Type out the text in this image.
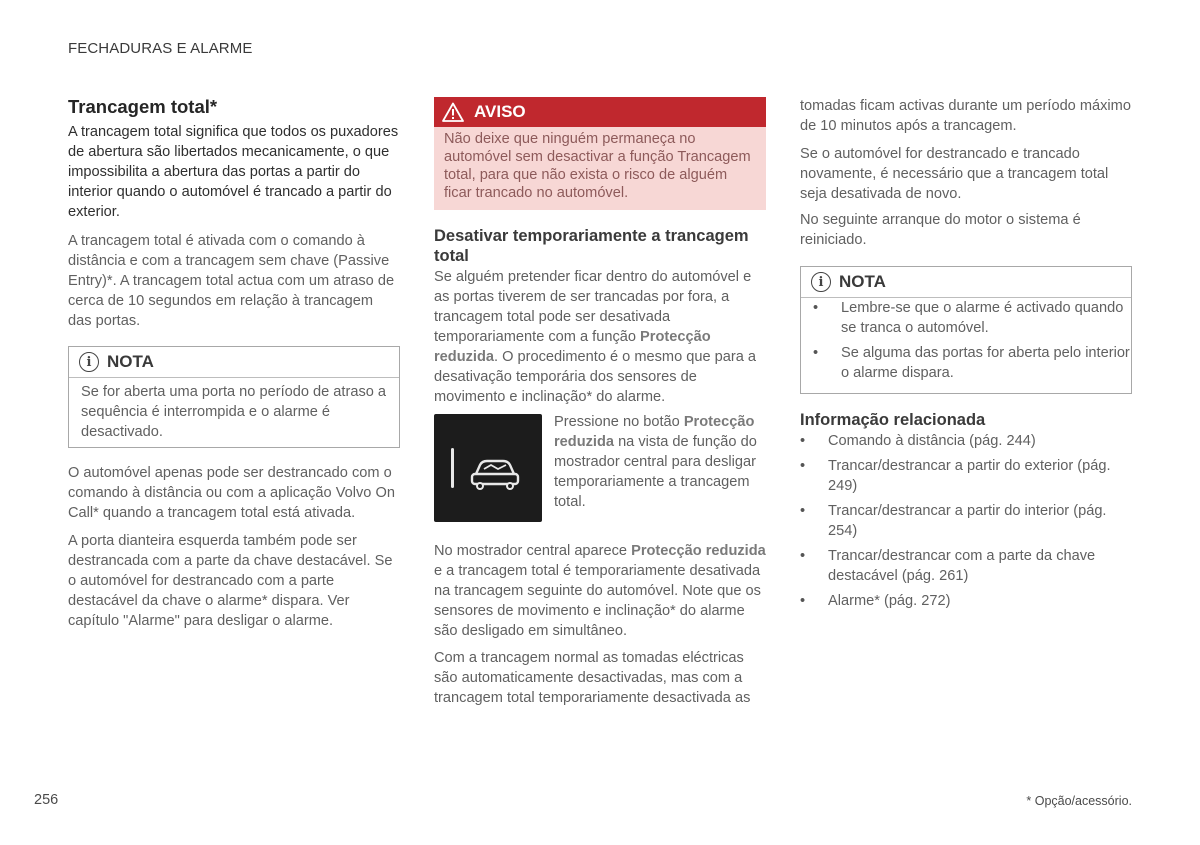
FECHADURAS E ALARME
Trancagem total*
A trancagem total significa que todos os puxadores de abertura são libertados mecanicamente, o que impossibilita a abertura das portas a partir do interior quando o automóvel é trancado a partir do exterior.
A trancagem total é ativada com o comando à distância e com a trancagem sem chave (Passive Entry)*. A trancagem total actua com um atraso de cerca de 10 segundos em relação à trancagem das portas.
O automóvel apenas pode ser destrancado com o comando à distância ou com a aplicação Volvo On Call* quando a trancagem total está ativada.
A porta dianteira esquerda também pode ser destrancada com a parte da chave destacável. Se o automóvel for destrancado com a parte destacável da chave o alarme* dispara. Ver capítulo "Alarme" para desligar o alarme.
i NOTA
Se for aberta uma porta no período de atraso a sequência é interrompida e o alarme é desactivado.
AVISO
Não deixe que ninguém permaneça no automóvel sem desactivar a função Trancagem total, para que não exista o risco de alguém ficar trancado no automóvel.
Desativar temporariamente a trancagem total
Se alguém pretender ficar dentro do automóvel e as portas tiverem de ser trancadas por fora, a trancagem total pode ser desativada temporariamente com a função Protecção reduzida. O procedimento é o mesmo que para a desativação temporária dos sensores de movimento e inclinação* do alarme.
Pressione no botão Protecção reduzida na vista de função do mostrador central para desligar temporariamente a trancagem total.
No mostrador central aparece Protecção reduzida e a trancagem total é temporariamente desativada na trancagem seguinte do automóvel. Note que os sensores de movimento e inclinação* do alarme são desligado em simultâneo.
Com a trancagem normal as tomadas eléctricas são automaticamente desactivadas, mas com a trancagem total temporariamente desactivada as
tomadas ficam activas durante um período máximo de 10 minutos após a trancagem.
Se o automóvel for destrancado e trancado novamente, é necessário que a trancagem total seja desativada de novo.
No seguinte arranque do motor o sistema é reiniciado.
Informação relacionada
• Comando à distância (pág. 244)
• Trancar/destrancar a partir do exterior (pág. 249)
• Trancar/destrancar a partir do interior (pág. 254)
• Trancar/destrancar com a parte da chave destacável (pág. 261)
• Alarme* (pág. 272)
i NOTA
• Lembre-se que o alarme é activado quando se tranca o automóvel.
• Se alguma das portas for aberta pelo interior o alarme dispara.
256	* Opção/acessório.
